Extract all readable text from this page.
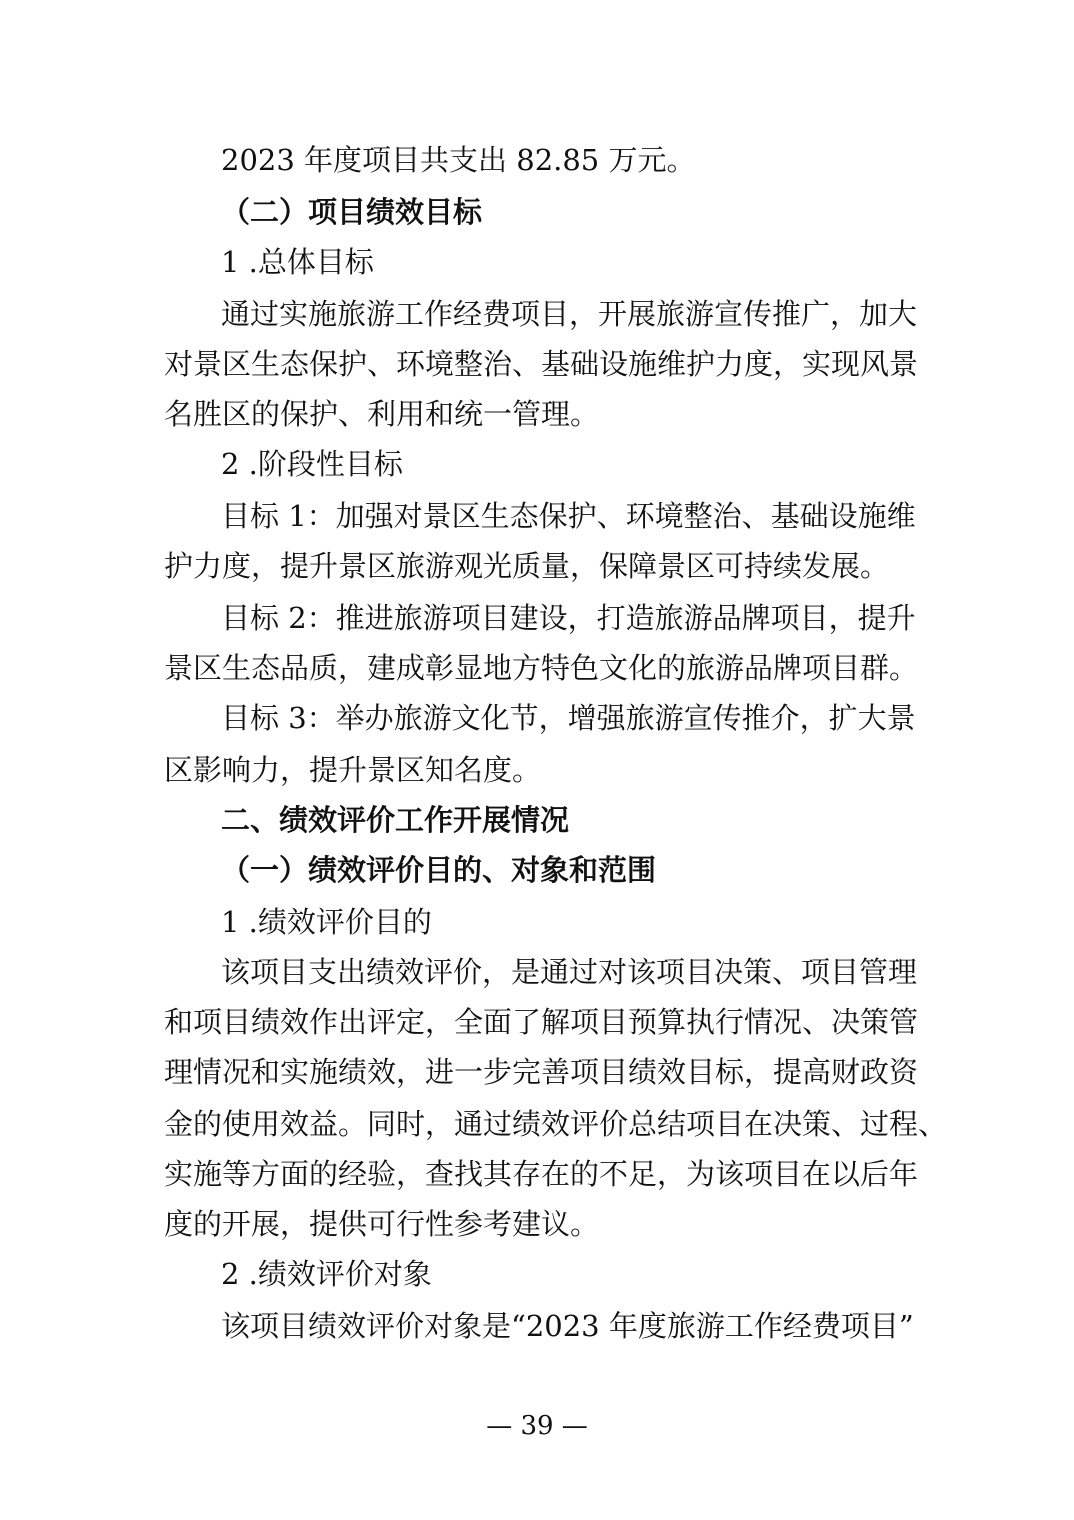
2023 年度项目共支出 82.85 万元。
（二）项目绩效目标
1 .总体目标
通过实施旅游工作经费项目，开展旅游宣传推广，加大
对景区生态保护、环境整治、基础设施维护力度，实现风景
名胜区的保护、利用和统一管理。
2 .阶段性目标
目标 1：加强对景区生态保护、环境整治、基础设施维
护力度，提升景区旅游观光质量，保障景区可持续发展。
目标 2：推进旅游项目建设，打造旅游品牌项目，提升
景区生态品质，建成彰显地方特色文化的旅游品牌项目群。
目标 3：举办旅游文化节，增强旅游宣传推介，扩大景
区影响力，提升景区知名度。
二、绩效评价工作开展情况
（一）绩效评价目的、对象和范围
1 .绩效评价目的
该项目支出绩效评价，是通过对该项目决策、项目管理
和项目绩效作出评定，全面了解项目预算执行情况、决策管
理情况和实施绩效，进一步完善项目绩效目标，提高财政资
金的使用效益。同时，通过绩效评价总结项目在决策、过程、
实施等方面的经验，查找其存在的不足，为该项目在以后年
度的开展，提供可行性参考建议。
2 .绩效评价对象
该项目绩效评价对象是“2023 年度旅游工作经费项目”
— 39 —
